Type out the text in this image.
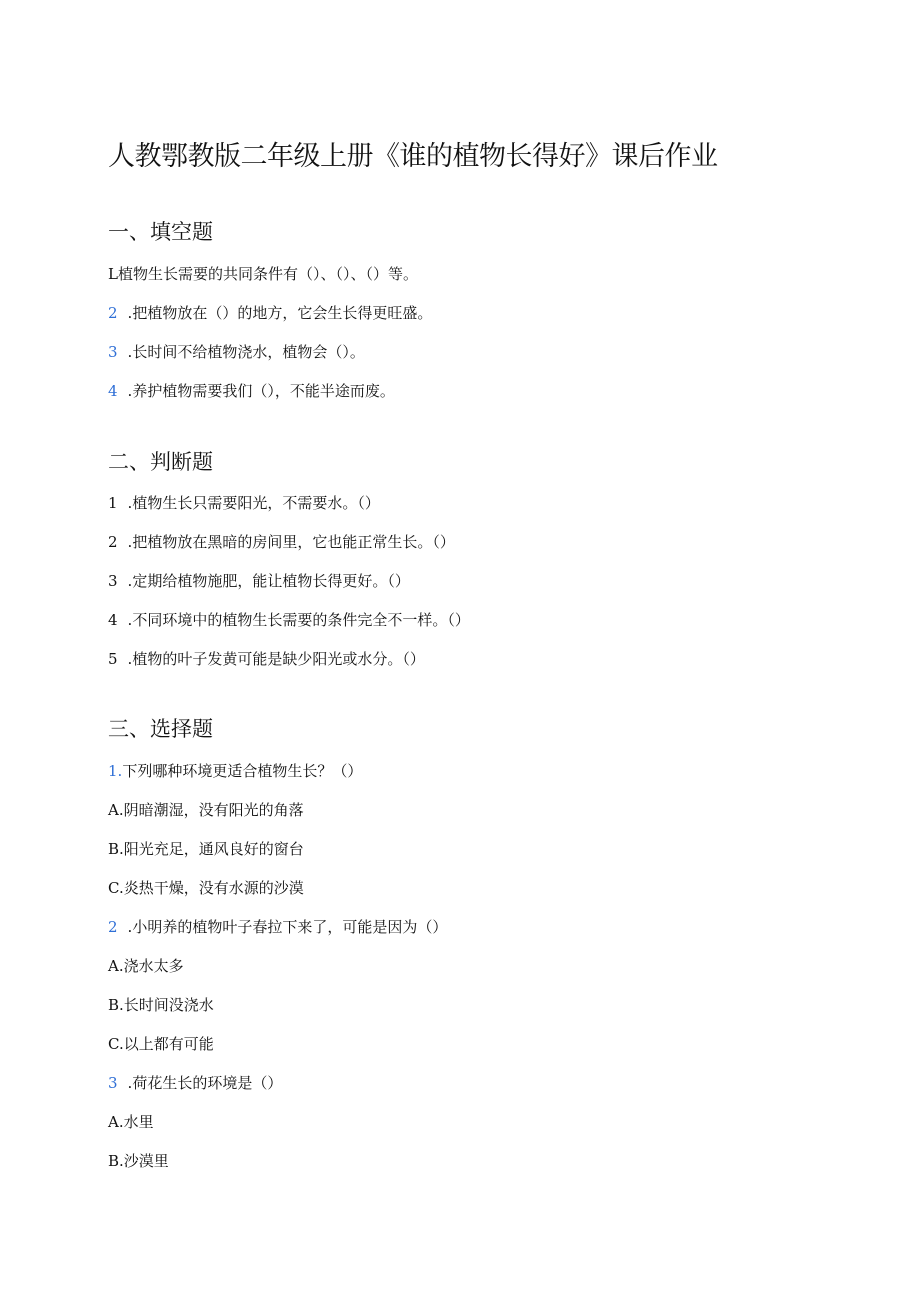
人教鄂教版二年级上册《谁的植物长得好》课后作业
一、填空题

L植物生长需要的共同条件有（）、（）、（）等。

2 .把植物放在（）的地方，它会生长得更旺盛。

3 .长时间不给植物浇水，植物会（）。

4 .养护植物需要我们（），不能半途而废。

二、判断题

1 .植物生长只需要阳光，不需要水。（）

2 .把植物放在黑暗的房间里，它也能正常生长。（）

3 .定期给植物施肥，能让植物长得更好。（）

4 .不同环境中的植物生长需要的条件完全不一样。（）

5 .植物的叶子发黄可能是缺少阳光或水分。（）

三、选择题

1.下列哪种环境更适合植物生长？（）

A.阴暗潮湿，没有阳光的角落

B.阳光充足，通风良好的窗台

C.炎热干燥，没有水源的沙漠

2 .小明养的植物叶子春拉下来了，可能是因为（）

A.浇水太多

B.长时间没浇水

C.以上都有可能

3 .荷花生长的环境是（）

A.水里

B.沙漠里
